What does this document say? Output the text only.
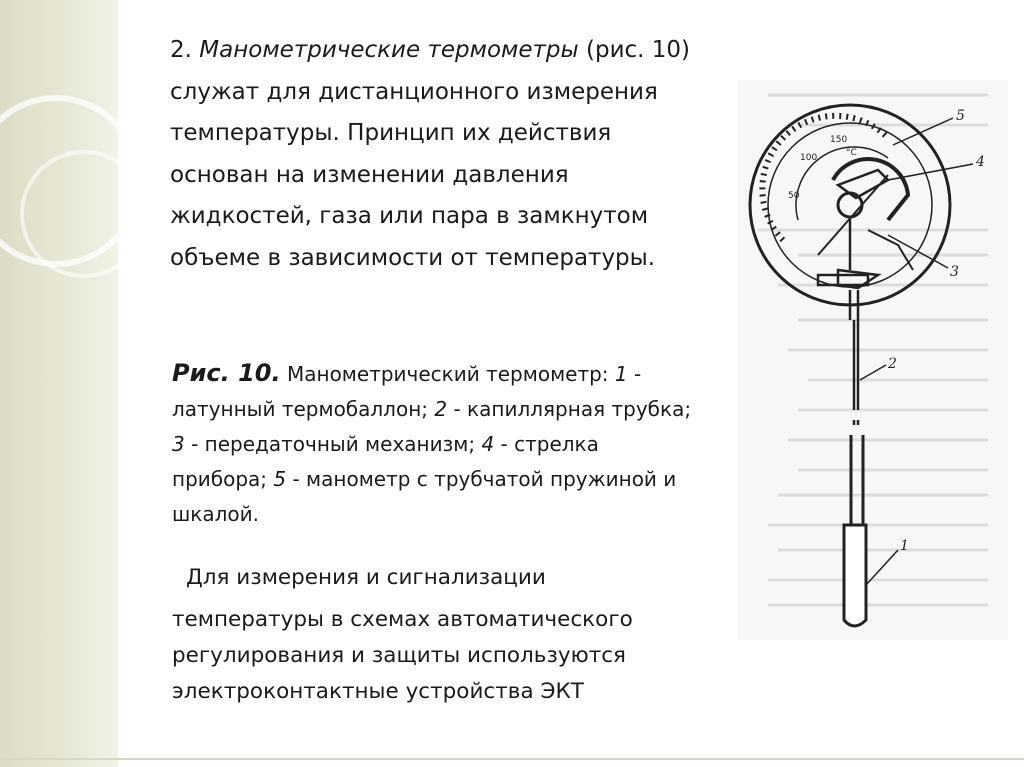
2. Манометрические термометры (рис. 10) служат для дистанционного измерения температуры. Принцип их действия основан на изменении давления жидкостей, газа или пара в замкнутом объеме в зависимости от температуры.

Рис. 10. Манометрический термометр: 1 - латунный термобаллон; 2 - капиллярная трубка; 3 - передаточный механизм; 4 - стрелка прибора; 5 - манометр с трубчатой пружиной и шкалой.
Для измерения и сигнализации
температуры в схемах автоматического регулирования и защиты используются электроконтактные устройства ЭКТ
150
100
50
°C
5
4
3
2
1
